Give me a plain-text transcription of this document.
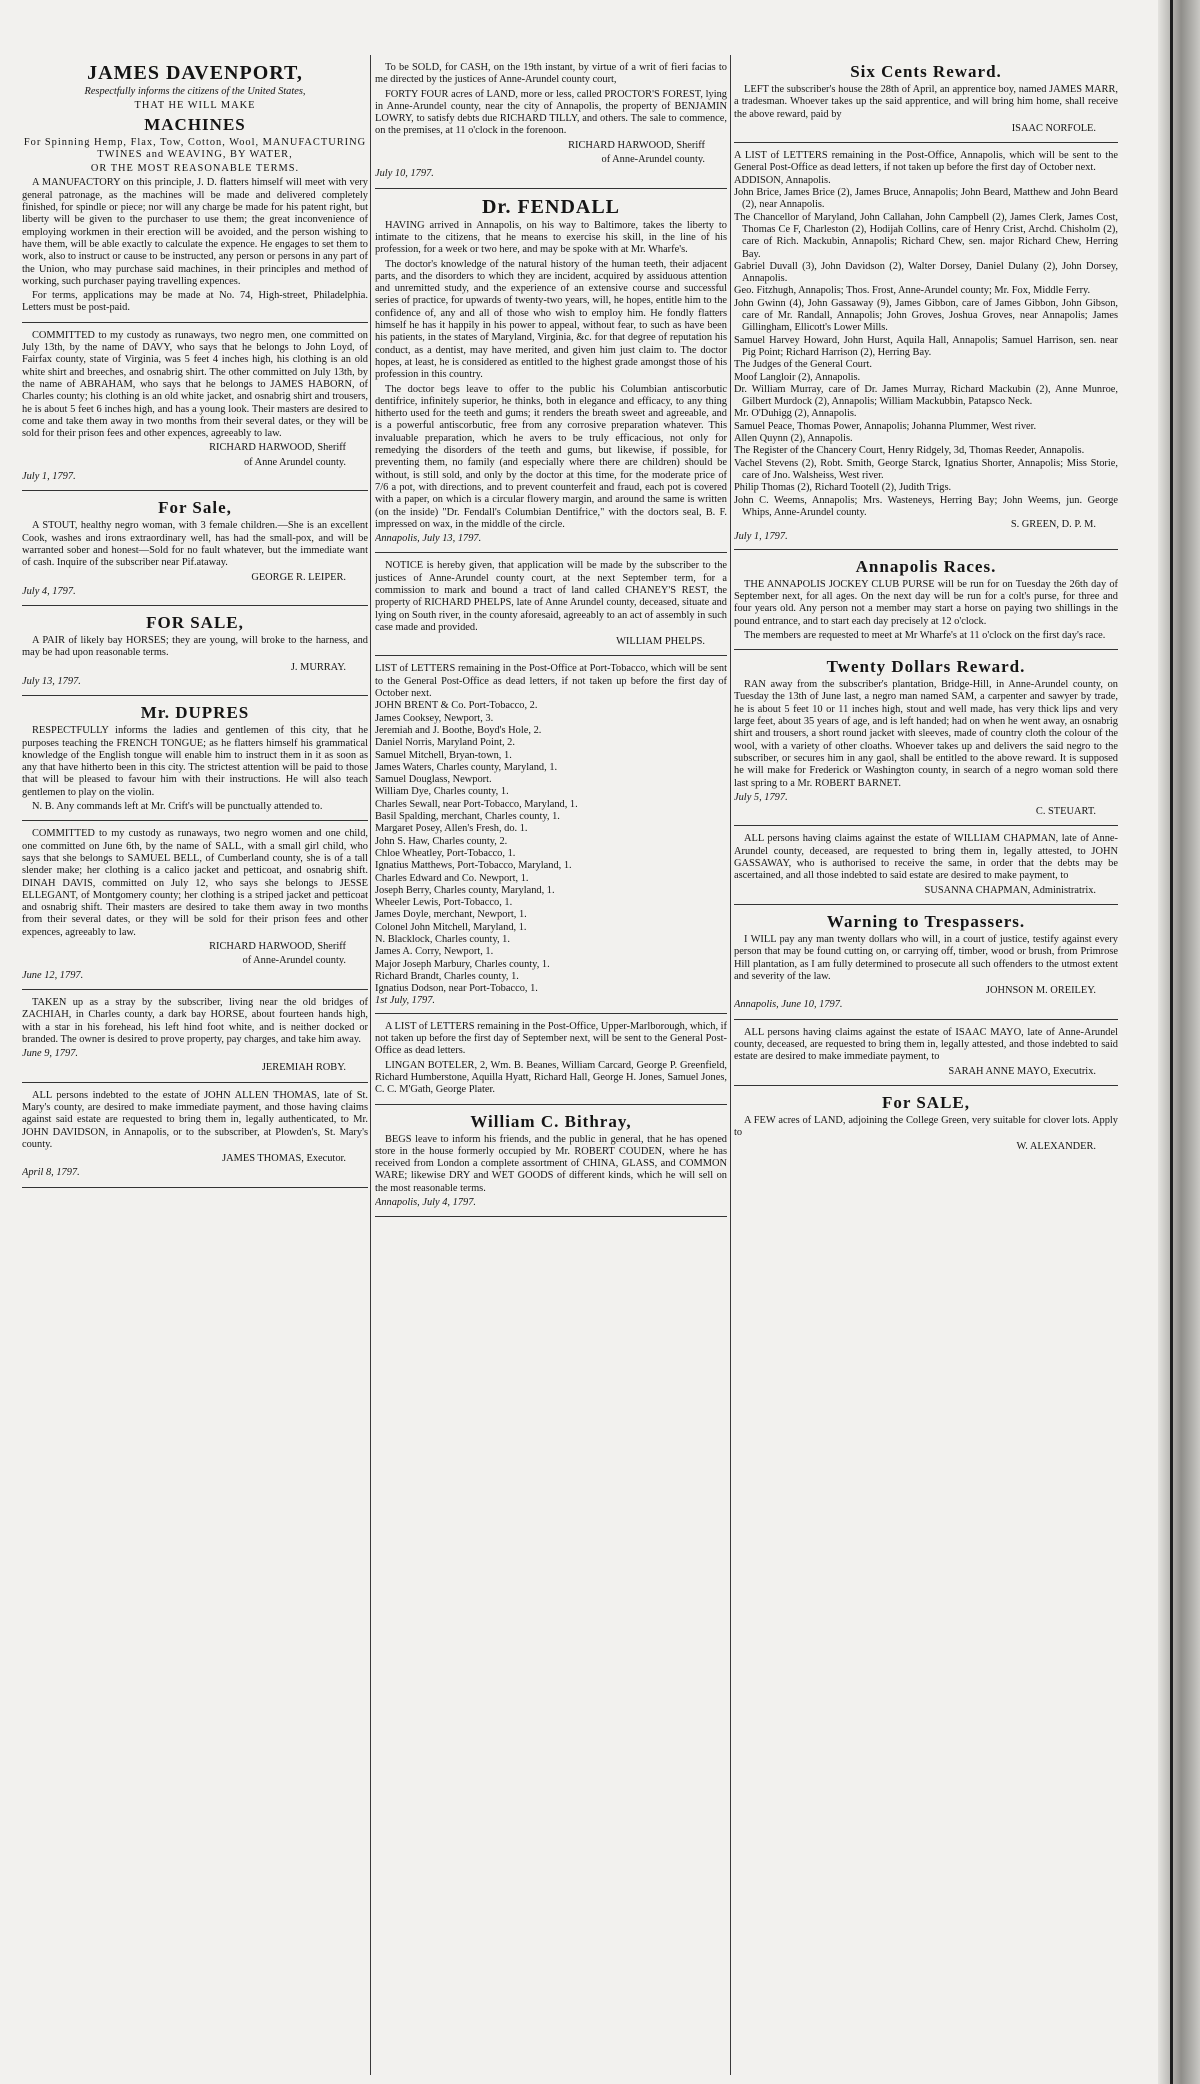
JAMES DAVENPORT,

Respectfully informs the citizens of the United States,

THAT HE WILL MAKE

MACHINES

For Spinning Hemp, Flax, Tow, Cotton, Wool, MANUFACTURING TWINES and WEAVING, BY WATER,

OR THE MOST REASONABLE TERMS.

A MANUFACTORY on this principle, J. D. flatters himself will meet with very general patronage, as the machines will be made and delivered completely finished, for spindle or piece; nor will any charge be made for his patent right, but liberty will be given to the purchaser to use them; the great inconvenience of employing workmen in their erection will be avoided, and the person wishing to have them, will be able exactly to calculate the expence. He engages to set them to work, also to instruct or cause to be instructed, any person or persons in any part of the Union, who may purchase said machines, in their principles and method of working, such purchaser paying travelling expences.

For terms, applications may be made at No. 74, High-street, Philadelphia. Letters must be post-paid.

COMMITTED to my custody as runaways, two negro men, one committed on July 13th, by the name of DAVY, who says that he belongs to John Loyd, of Fairfax county, state of Virginia, was 5 feet 4 inches high, his clothing is an old white shirt and breeches, and osnabrig shirt. The other committed on July 13th, by the name of ABRAHAM, who says that he belongs to JAMES HABORN, of Charles county; his clothing is an old white jacket, and osnabrig shirt and trousers, he is about 5 feet 6 inches high, and has a young look. Their masters are desired to come and take them away in two months from their several dates, or they will be sold for their prison fees and other expences, agreeably to law.

RICHARD HARWOOD, Sheriff

of Anne Arundel county.

July 1, 1797.

For Sale,

A STOUT, healthy negro woman, with 3 female children.—She is an excellent Cook, washes and irons extraordinary well, has had the small-pox, and will be warranted sober and honest—Sold for no fault whatever, but the immediate want of cash. Inquire of the subscriber near Pif.ataway.

GEORGE R. LEIPER.

July 4, 1797.

FOR SALE,

A PAIR of likely bay HORSES; they are young, will broke to the harness, and may be had upon reasonable terms.

J. MURRAY.

July 13, 1797.

Mr. DUPRES

RESPECTFULLY informs the ladies and gentlemen of this city, that he purposes teaching the FRENCH TONGUE; as he flatters himself his grammatical knowledge of the English tongue will enable him to instruct them in it as soon as any that have hitherto been in this city. The strictest attention will be paid to those that will be pleased to favour him with their instructions. He will also teach gentlemen to play on the violin.

N. B. Any commands left at Mr. Crift's will be punctually attended to.

COMMITTED to my custody as runaways, two negro women and one child, one committed on June 6th, by the name of SALL, with a small girl child, who says that she belongs to SAMUEL BELL, of Cumberland county, she is of a tall slender make; her clothing is a calico jacket and petticoat, and osnabrig shift. DINAH DAVIS, committed on July 12, who says she belongs to JESSE ELLEGANT, of Montgomery county; her clothing is a striped jacket and petticoat and osnabrig shift. Their masters are desired to take them away in two months from their several dates, or they will be sold for their prison fees and other expences, agreeably to law.

RICHARD HARWOOD, Sheriff

of Anne-Arundel county.

June 12, 1797.

TAKEN up as a stray by the subscriber, living near the old bridges of ZACHIAH, in Charles county, a dark bay HORSE, about fourteen hands high, with a star in his forehead, his left hind foot white, and is neither docked or branded. The owner is desired to prove property, pay charges, and take him away.

June 9, 1797.

JEREMIAH ROBY.

ALL persons indebted to the estate of JOHN ALLEN THOMAS, late of St. Mary's county, are desired to make immediate payment, and those having claims against said estate are requested to bring them in, legally authenticated, to Mr. JOHN DAVIDSON, in Annapolis, or to the subscriber, at Plowden's, St. Mary's county.

JAMES THOMAS, Executor.

April 8, 1797.

To be SOLD, for CASH, on the 19th instant, by virtue of a writ of fieri facias to me directed by the justices of Anne-Arundel county court,

FORTY FOUR acres of LAND, more or less, called PROCTOR'S FOREST, lying in Anne-Arundel county, near the city of Annapolis, the property of BENJAMIN LOWRY, to satisfy debts due RICHARD TILLY, and others. The sale to commence, on the premises, at 11 o'clock in the forenoon.

RICHARD HARWOOD, Sheriff

of Anne-Arundel county.

July 10, 1797.

Dr. FENDALL

HAVING arrived in Annapolis, on his way to Baltimore, takes the liberty to intimate to the citizens, that he means to exercise his skill, in the line of his profession, for a week or two here, and may be spoke with at Mr. Wharfe's.

The doctor's knowledge of the natural history of the human teeth, their adjacent parts, and the disorders to which they are incident, acquired by assiduous attention and unremitted study, and the experience of an extensive course and successful series of practice, for upwards of twenty-two years, will, he hopes, entitle him to the confidence of, any and all of those who wish to employ him. He fondly flatters himself he has it happily in his power to appeal, without fear, to such as have been his patients, in the states of Maryland, Virginia, &c. for that degree of reputation his conduct, as a dentist, may have merited, and given him just claim to. The doctor hopes, at least, he is considered as entitled to the highest grade amongst those of his profession in this country.

The doctor begs leave to offer to the public his Columbian antiscorbutic dentifrice, infinitely superior, he thinks, both in elegance and efficacy, to any thing hitherto used for the teeth and gums; it renders the breath sweet and agreeable, and is a powerful antiscorbutic, free from any corrosive preparation whatever. This invaluable preparation, which he avers to be truly efficacious, not only for remedying the disorders of the teeth and gums, but likewise, if possible, for preventing them, no family (and especially where there are children) should be without, is still sold, and only by the doctor at this time, for the moderate price of 7/6 a pot, with directions, and to prevent counterfeit and fraud, each pot is covered with a paper, on which is a circular flowery margin, and around the same is written (on the inside) "Dr. Fendall's Columbian Dentifrice," with the doctors seal, B. F. impressed on wax, in the middle of the circle.

Annapolis, July 13, 1797.

NOTICE is hereby given, that application will be made by the subscriber to the justices of Anne-Arundel county court, at the next September term, for a commission to mark and bound a tract of land called CHANEY'S REST, the property of RICHARD PHELPS, late of Anne Arundel county, deceased, situate and lying on South river, in the county aforesaid, agreeably to an act of assembly in such case made and provided.

WILLIAM PHELPS.

LIST of LETTERS remaining in the Post-Office at Port-Tobacco, which will be sent to the General Post-Office as dead letters, if not taken up before the first day of October next.

JOHN BRENT & Co. Port-Tobacco, 2.

James Cooksey, Newport, 3.

Jeremiah and J. Boothe, Boyd's Hole, 2.

Daniel Norris, Maryland Point, 2.

Samuel Mitchell, Bryan-town, 1.

James Waters, Charles county, Maryland, 1.

Samuel Douglass, Newport.

William Dye, Charles county, 1.

Charles Sewall, near Port-Tobacco, Maryland, 1.

Basil Spalding, merchant, Charles county, 1.

Margaret Posey, Allen's Fresh, do. 1.

John S. Haw, Charles county, 2.

Chloe Wheatley, Port-Tobacco, 1.

Ignatius Matthews, Port-Tobacco, Maryland, 1.

Charles Edward and Co. Newport, 1.

Joseph Berry, Charles county, Maryland, 1.

Wheeler Lewis, Port-Tobacco, 1.

James Doyle, merchant, Newport, 1.

Colonel John Mitchell, Maryland, 1.

N. Blacklock, Charles county, 1.

James A. Corry, Newport, 1.

Major Joseph Marbury, Charles county, 1.

Richard Brandt, Charles county, 1.

Ignatius Dodson, near Port-Tobacco, 1.

1st July, 1797.

A LIST of LETTERS remaining in the Post-Office, Upper-Marlborough, which, if not taken up before the first day of September next, will be sent to the General Post-Office as dead letters.

LINGAN BOTELER, 2, Wm. B. Beanes, William Carcard, George P. Greenfield, Richard Humberstone, Aquilla Hyatt, Richard Hall, George H. Jones, Samuel Jones, C. C. M'Gath, George Plater.

William C. Bithray,

BEGS leave to inform his friends, and the public in general, that he has opened store in the house formerly occupied by Mr. ROBERT COUDEN, where he has received from London a complete assortment of CHINA, GLASS, and COMMON WARE; likewise DRY and WET GOODS of different kinds, which he will sell on the most reasonable terms.

Annapolis, July 4, 1797.

Six Cents Reward.

LEFT the subscriber's house the 28th of April, an apprentice boy, named JAMES MARR, a tradesman. Whoever takes up the said apprentice, and will bring him home, shall receive the above reward, paid by

ISAAC NORFOLE.

A LIST of LETTERS remaining in the Post-Office, Annapolis, which will be sent to the General Post-Office as dead letters, if not taken up before the first day of October next.

ADDISON, Annapolis.

John Brice, James Brice (2), James Bruce, Annapolis; John Beard, Matthew and John Beard (2), near Annapolis.

The Chancellor of Maryland, John Callahan, John Campbell (2), James Clerk, James Cost, Thomas Ce F, Charleston (2), Hodijah Collins, care of Henry Crist, Archd. Chisholm (2), care of Rich. Mackubin, Annapolis; Richard Chew, sen. major Richard Chew, Herring Bay.

Gabriel Duvall (3), John Davidson (2), Walter Dorsey, Daniel Dulany (2), John Dorsey, Annapolis.

Geo. Fitzhugh, Annapolis; Thos. Frost, Anne-Arundel county; Mr. Fox, Middle Ferry.

John Gwinn (4), John Gassaway (9), James Gibbon, care of James Gibbon, John Gibson, care of Mr. Randall, Annapolis; John Groves, Joshua Groves, near Annapolis; James Gillingham, Ellicott's Lower Mills.

Samuel Harvey Howard, John Hurst, Aquila Hall, Annapolis; Samuel Harrison, sen. near Pig Point; Richard Harrison (2), Herring Bay.

The Judges of the General Court.

Moof Langloir (2), Annapolis.

Dr. William Murray, care of Dr. James Murray, Richard Mackubin (2), Anne Munroe, Gilbert Murdock (2), Annapolis; William Mackubbin, Patapsco Neck.

Mr. O'Duhigg (2), Annapolis.

Samuel Peace, Thomas Power, Annapolis; Johanna Plummer, West river.

Allen Quynn (2), Annapolis.

The Register of the Chancery Court, Henry Ridgely, 3d, Thomas Reeder, Annapolis.

Vachel Stevens (2), Robt. Smith, George Starck, Ignatius Shorter, Annapolis; Miss Storie, care of Jno. Walsheiss, West river.

Philip Thomas (2), Richard Tootell (2), Judith Trigs.

John C. Weems, Annapolis; Mrs. Wasteneys, Herring Bay; John Weems, jun. George Whips, Anne-Arundel county.

S. GREEN, D. P. M.

July 1, 1797.

Annapolis Races.

THE ANNAPOLIS JOCKEY CLUB PURSE will be run for on Tuesday the 26th day of September next, for all ages. On the next day will be run for a colt's purse, for three and four years old. Any person not a member may start a horse on paying two shillings in the pound entrance, and to start each day precisely at 12 o'clock.

The members are requested to meet at Mr Wharfe's at 11 o'clock on the first day's race.

Twenty Dollars Reward.

RAN away from the subscriber's plantation, Bridge-Hill, in Anne-Arundel county, on Tuesday the 13th of June last, a negro man named SAM, a carpenter and sawyer by trade, he is about 5 feet 10 or 11 inches high, stout and well made, has very thick lips and very large feet, about 35 years of age, and is left handed; had on when he went away, an osnabrig shirt and trousers, a short round jacket with sleeves, made of country cloth the colour of the wool, with a variety of other cloaths. Whoever takes up and delivers the said negro to the subscriber, or secures him in any gaol, shall be entitled to the above reward. It is supposed he will make for Frederick or Washington county, in search of a negro woman sold there last spring to a Mr. ROBERT BARNET.

July 5, 1797.

C. STEUART.

ALL persons having claims against the estate of WILLIAM CHAPMAN, late of Anne-Arundel county, deceased, are requested to bring them in, legally attested, to JOHN GASSAWAY, who is authorised to receive the same, in order that the debts may be ascertained, and all those indebted to said estate are desired to make payment, to

SUSANNA CHAPMAN, Administratrix.

Warning to Trespassers.

I WILL pay any man twenty dollars who will, in a court of justice, testify against every person that may be found cutting on, or carrying off, timber, wood or brush, from Primrose Hill plantation, as I am fully determined to prosecute all such offenders to the utmost extent and severity of the law.

JOHNSON M. OREILEY.

Annapolis, June 10, 1797.

ALL persons having claims against the estate of ISAAC MAYO, late of Anne-Arundel county, deceased, are requested to bring them in, legally attested, and those indebted to said estate are desired to make immediate payment, to

SARAH ANNE MAYO, Executrix.

For SALE,

A FEW acres of LAND, adjoining the College Green, very suitable for clover lots. Apply to

W. ALEXANDER.
